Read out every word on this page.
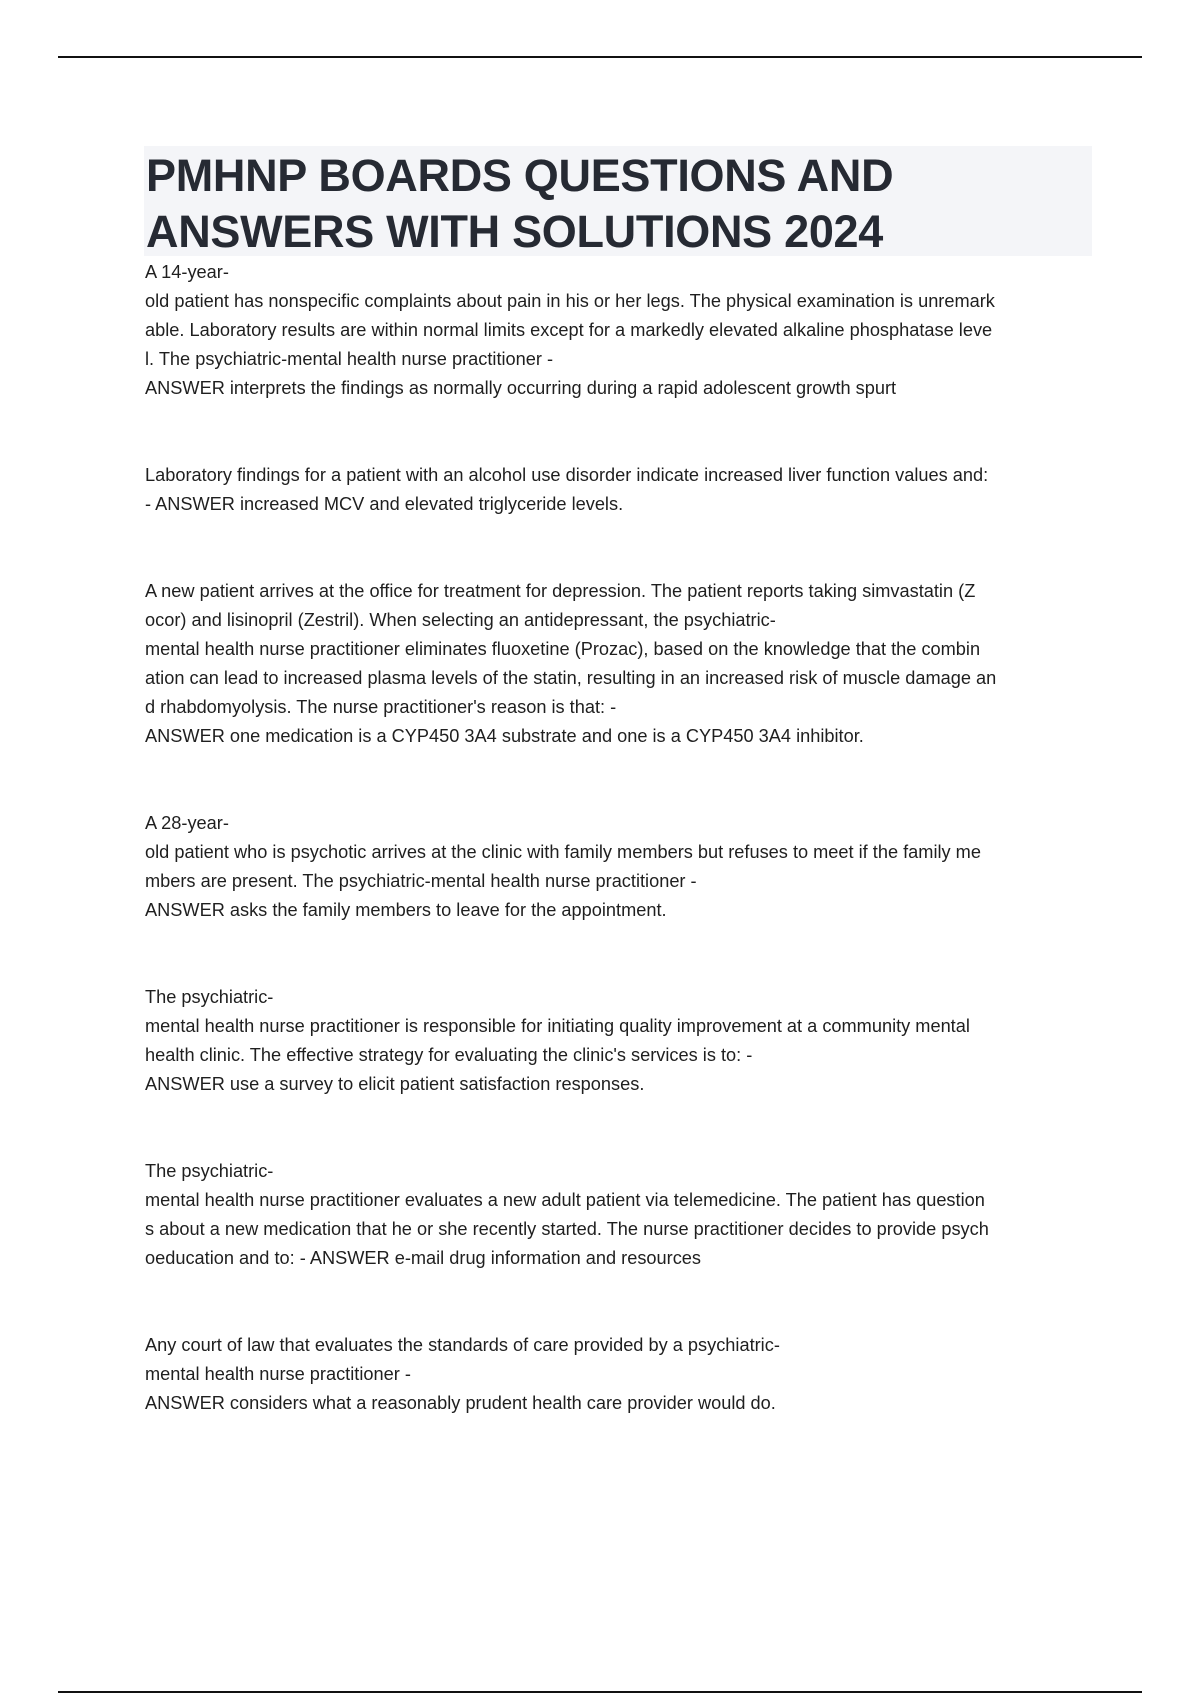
PMHNP BOARDS QUESTIONS AND
ANSWERS WITH SOLUTIONS 2024
A 14-year-
old patient has nonspecific complaints about pain in his or her legs. The physical examination is unremark
able. Laboratory results are within normal limits except for a markedly elevated alkaline phosphatase leve
l. The psychiatric-mental health nurse practitioner -
ANSWER interprets the findings as normally occurring during a rapid adolescent growth spurt
Laboratory findings for a patient with an alcohol use disorder indicate increased liver function values and:
- ANSWER increased MCV and elevated triglyceride levels.
A new patient arrives at the office for treatment for depression. The patient reports taking simvastatin (Z
ocor) and lisinopril (Zestril). When selecting an antidepressant, the psychiatric-
mental health nurse practitioner eliminates fluoxetine (Prozac), based on the knowledge that the combin
ation can lead to increased plasma levels of the statin, resulting in an increased risk of muscle damage an
d rhabdomyolysis. The nurse practitioner's reason is that: -
ANSWER one medication is a CYP450 3A4 substrate and one is a CYP450 3A4 inhibitor.
A 28-year-
old patient who is psychotic arrives at the clinic with family members but refuses to meet if the family me
mbers are present. The psychiatric-mental health nurse practitioner -
ANSWER asks the family members to leave for the appointment.
The psychiatric-
mental health nurse practitioner is responsible for initiating quality improvement at a community mental
health clinic. The effective strategy for evaluating the clinic's services is to: -
ANSWER use a survey to elicit patient satisfaction responses.
The psychiatric-
mental health nurse practitioner evaluates a new adult patient via telemedicine. The patient has question
s about a new medication that he or she recently started. The nurse practitioner decides to provide psych
oeducation and to: - ANSWER e-mail drug information and resources
Any court of law that evaluates the standards of care provided by a psychiatric-
mental health nurse practitioner -
ANSWER considers what a reasonably prudent health care provider would do.
